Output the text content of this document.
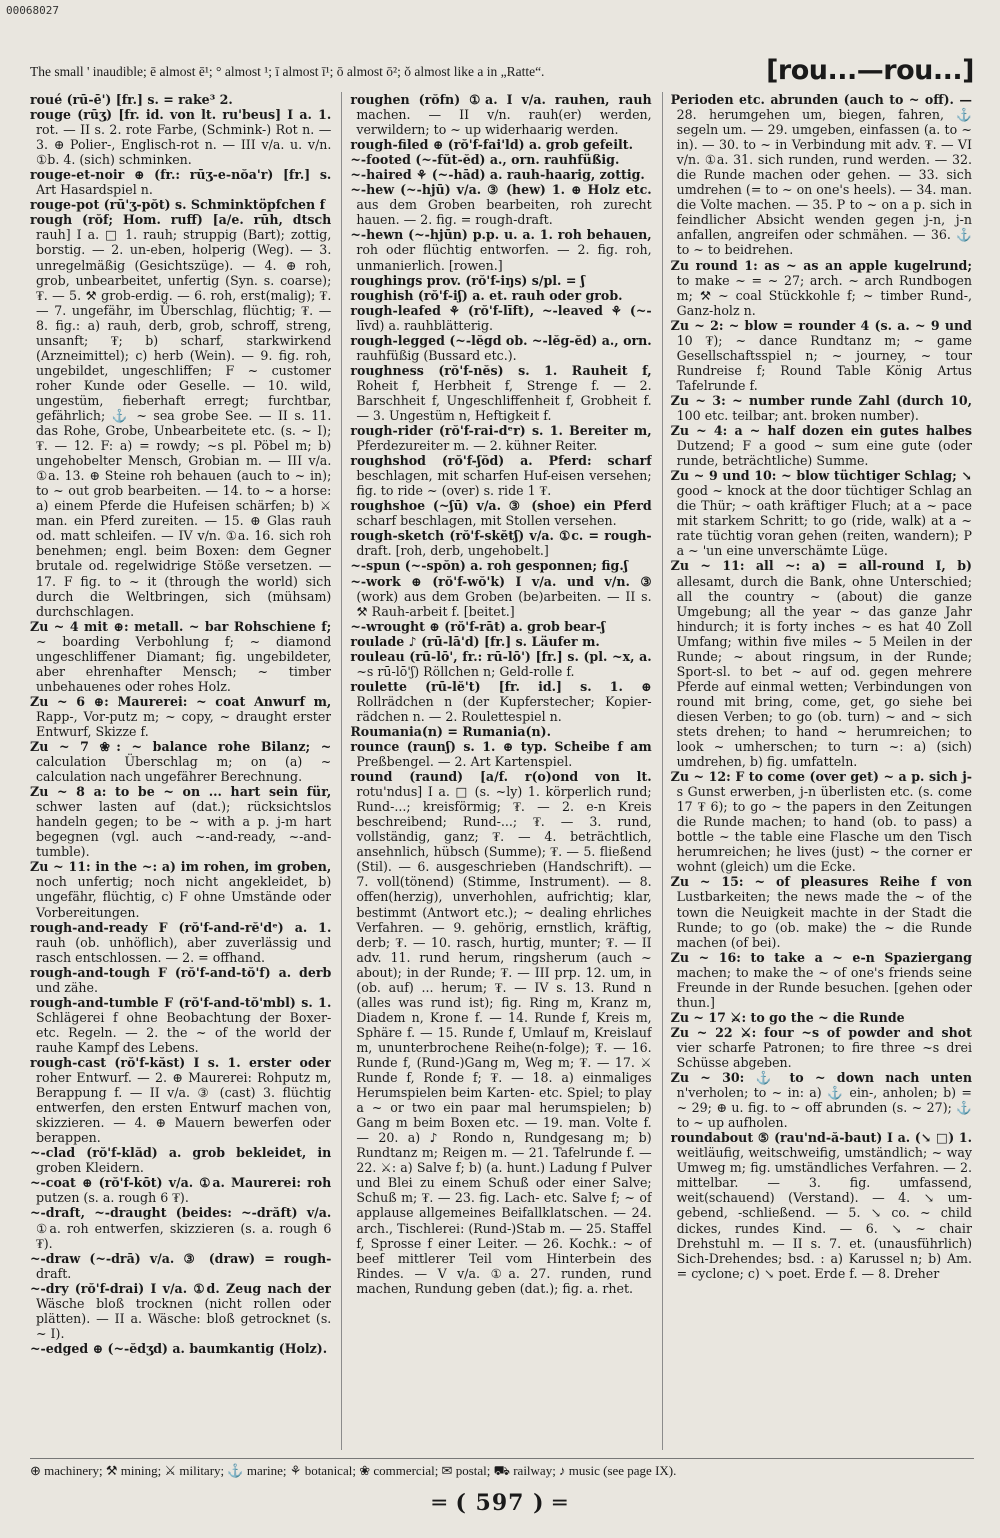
00068027
The small ' inaudible; ē almost ē¹; ° almost ¹; ī almost ī¹; ō almost ō²; ŏ almost like a in „Ratte“.	[rou...—rou...]

roué (rū-ē') [fr.] s. = rake³ 2.

rouge (rūʒ) [fr. id. von lt. ru'beus] I a. 1. rot. — II s. 2. rote Farbe, (Schmink-) Rot n. — 3. ⊕ Polier-, Englisch-rot n. — III v/a. u. v/n. ①b. 4. (sich) schminken.

rouge-et-noir ⊕ (fr.: rūʒ-e-nŏa'r) [fr.] s. Art Hasardspiel n.

rouge-pot (rū'ʒ-pŏt) s. Schminktöpfchen f

rough (rŏf; Hom. ruff) [a/e. rūh, dtsch rauh] I a. □ 1. rauh; struppig (Bart); zottig, borstig. — 2. un-eben, holperig (Weg). — 3. unregelmäßig (Gesichtszüge). — 4. ⊕ roh, grob, unbearbeitet, unfertig (Syn. s. coarse); ₮. — 5. ⚒ grob-erdig. — 6. roh, erst(malig); ₮. — 7. ungefähr, im Überschlag, flüchtig; ₮. — 8. fig.: a) rauh, derb, grob, schroff, streng, unsanft; ₮; b) scharf, starkwirkend (Arzneimittel); c) herb (Wein). — 9. fig. roh, ungebildet, ungeschliffen; F ~ customer roher Kunde oder Geselle. — 10. wild, ungestüm, fieberhaft erregt; furchtbar, gefährlich; ⚓ ~ sea grobe See. — II s. 11. das Rohe, Grobe, Unbearbeitete etc. (s. ~ I); ₮. — 12. F: a) = rowdy; ~s pl. Pöbel m; b) ungehobelter Mensch, Grobian m. — III v/a. ①a. 13. ⊕ Steine roh behauen (auch to ~ in); to ~ out grob bearbeiten. — 14. to ~ a horse: a) einem Pferde die Hufeisen schärfen; b) ⚔ man. ein Pferd zureiten. — 15. ⊕ Glas rauh od. matt schleifen. — IV v/n. ①a. 16. sich roh benehmen; engl. beim Boxen: dem Gegner brutale od. regelwidrige Stöße versetzen. — 17. F fig. to ~ it (through the world) sich durch die Weltbringen, sich (mühsam) durchschlagen.

Zu ~ 4 mit ⊕: metall. ~ bar Rohschiene f; ~ boarding Verbohlung f; ~ diamond ungeschliffener Diamant; fig. ungebildeter, aber ehrenhafter Mensch; ~ timber unbehauenes oder rohes Holz.

Zu ~ 6 ⊕: Maurerei: ~ coat Anwurf m, Rapp-, Vor-putz m; ~ copy, ~ draught erster Entwurf, Skizze f.

Zu ~ 7 ❀: ~ balance rohe Bilanz; ~ calculation Überschlag m; on (a) ~ calculation nach ungefährer Berechnung.

Zu ~ 8 a: to be ~ on ... hart sein für, schwer lasten auf (dat.); rücksichtslos handeln gegen; to be ~ with a p. j-m hart begegnen (vgl. auch ~-and-ready, ~-and-tumble).

Zu ~ 11: in the ~: a) im rohen, im groben, noch unfertig; noch nicht angekleidet, b) ungefähr, flüchtig, c) F ohne Umstände oder Vorbereitungen.

rough-and-ready F (rŏ'f-and-rĕ'dᵉ) a. 1. rauh (ob. unhöflich), aber zuverlässig und rasch entschlossen. — 2. = offhand.

rough-and-tough F (rŏ'f-and-tŏ'f) a. derb und zähe.

rough-and-tumble F (rŏ'f-and-tŏ'mbl) s. 1. Schlägerei f ohne Beobachtung der Boxer- etc. Regeln. — 2. the ~ of the world der rauhe Kampf des Lebens.

rough-cast (rŏ'f-kăst) I s. 1. erster oder roher Entwurf. — 2. ⊕ Maurerei: Rohputz m, Berappung f. — II v/a. ③ (cast) 3. flüchtig entwerfen, den ersten Entwurf machen von, skizzieren. — 4. ⊕ Mauern bewerfen oder berappen.

~-clad (rŏ'f-klăd) a. grob bekleidet, in groben Kleidern.

~-coat ⊕ (rŏ'f-kōt) v/a. ①a. Maurerei: roh putzen (s. a. rough 6 ₮).

~-draft, ~-draught (beides: ~-drăft) v/a. ①a. roh entwerfen, skizzieren (s. a. rough 6 ₮).

~-draw (~-drā) v/a. ③ (draw) = rough-draft.

~-dry (rŏ'f-drai) I v/a. ①d. Zeug nach der Wäsche bloß trocknen (nicht rollen oder plätten). — II a. Wäsche: bloß getrocknet (s. ~ I).

~-edged ⊕ (~-ĕdʒd) a. baumkantig (Holz).

roughen (rŏfn) ①a. I v/a. rauhen, rauh machen. — II v/n. rauh(er) werden, verwildern; to ~ up widerhaarig werden.

rough-filed ⊕ (rŏ'f-fai'ld) a. grob gefeilt.

~-footed (~-fŭt-ĕd) a., orn. rauhfüßig.

~-haired ⚘ (~-hād) a. rauh-haarig, zottig.

~-hew (~-hjū) v/a. ③ (hew) 1. ⊕ Holz etc. aus dem Groben bearbeiten, roh zurecht hauen. — 2. fig. = rough-draft.

~-hewn (~-hjūn) p.p. u. a. 1. roh behauen, roh oder flüchtig entworfen. — 2. fig. roh, unmanierlich. [rowen.]

roughings prov. (rŏ'f-iŋs) s/pl. = ʃ

roughish (rŏ'f-iʃ) a. et. rauh oder grob.

rough-leafed ⚘ (rŏ'f-līft), ~-leaved ⚘ (~-līvd) a. rauhblätterig.

rough-legged (~-lĕgd ob. ~-lĕg-ĕd) a., orn. rauhfüßig (Bussard etc.).

roughness (rŏ'f-nĕs) s. 1. Rauheit f, Roheit f, Herbheit f, Strenge f. — 2. Barschheit f, Ungeschliffenheit f, Grobheit f. — 3. Ungestüm n, Heftigkeit f.

rough-rider (rŏ'f-rai-dᵉr) s. 1. Bereiter m, Pferdezureiter m. — 2. kühner Reiter.

roughshod (rŏ'f-ʃŏd) a. Pferd: scharf beschlagen, mit scharfen Huf-eisen versehen; fig. to ride ~ (over) s. ride 1 ₮.

roughshoe (~ʃū) v/a. ③ (shoe) ein Pferd scharf beschlagen, mit Stollen versehen.

rough-sketch (rŏ'f-skĕtʃ) v/a. ①c. = rough-draft. [roh, derb, ungehobelt.]

~-spun (~-spŏn) a. roh gesponnen; fig.ʃ

~-work ⊕ (rŏ'f-wŏ'k) I v/a. und v/n. ③ (work) aus dem Groben (be)arbeiten. — II s. ⚒ Rauh-arbeit f. [beitet.]

~-wrought ⊕ (rŏ'f-rāt) a. grob bear-ʃ

roulade ♪ (rū-lā'd) [fr.] s. Läufer m.

rouleau (rū-lō', fr.: rū-lō') [fr.] s. (pl. ~x, a. ~s rū-lō'ʃ) Röllchen n; Geld-rolle f.

roulette (rū-lĕ't) [fr. id.] s. 1. ⊕ Rollrädchen n (der Kupferstecher; Kopier-rädchen n. — 2. Roulettespiel n.

Roumania(n) = Rumania(n).

rounce (raunʃ) s. 1. ⊕ typ. Scheibe f am Preßbengel. — 2. Art Kartenspiel.

round (raund) [a/f. r(o)ond von lt. rotu'ndus] I a. □ (s. ~ly) 1. körperlich rund; Rund-...; kreisförmig; ₮. — 2. e-n Kreis beschreibend; Rund-...; ₮. — 3. rund, vollständig, ganz; ₮. — 4. beträchtlich, ansehnlich, hübsch (Summe); ₮. — 5. fließend (Stil). — 6. ausgeschrieben (Handschrift). — 7. voll(tönend) (Stimme, Instrument). — 8. offen(herzig), unverhohlen, aufrichtig; klar, bestimmt (Antwort etc.); ~ dealing ehrliches Verfahren. — 9. gehörig, ernstlich, kräftig, derb; ₮. — 10. rasch, hurtig, munter; ₮. — II adv. 11. rund herum, ringsherum (auch ~ about); in der Runde; ₮. — III prp. 12. um, in (ob. auf) ... herum; ₮. — IV s. 13. Rund n (alles was rund ist); fig. Ring m, Kranz m, Diadem n, Krone f. — 14. Runde f, Kreis m, Sphäre f. — 15. Runde f, Umlauf m, Kreislauf m, ununterbrochene Reihe(n-folge); ₮. — 16. Runde f, (Rund-)Gang m, Weg m; ₮. — 17. ⚔ Runde f, Ronde f; ₮. — 18. a) einmaliges Herumspielen beim Karten- etc. Spiel; to play a ~ or two ein paar mal herumspielen; b) Gang m beim Boxen etc. — 19. man. Volte f. — 20. a) ♪ Rondo n, Rundgesang m; b) Rundtanz m; Reigen m. — 21. Tafelrunde f. — 22. ⚔: a) Salve f; b) (a. hunt.) Ladung f Pulver und Blei zu einem Schuß oder einer Salve; Schuß m; ₮. — 23. fig. Lach- etc. Salve f; ~ of applause allgemeines Beifallklatschen. — 24. arch., Tischlerei: (Rund-)Stab m. — 25. Staffel f, Sprosse f einer Leiter. — 26. Kochk.: ~ of beef mittlerer Teil vom Hinterbein des Rindes. — V v/a. ①a. 27. runden, rund machen, Rundung geben (dat.); fig. a. rhet.

Perioden etc. abrunden (auch to ~ off). — 28. herumgehen um, biegen, fahren, ⚓ segeln um. — 29. umgeben, einfassen (a. to ~ in). — 30. to ~ in Verbindung mit adv. ₮. — VI v/n. ①a. 31. sich runden, rund werden. — 32. die Runde machen oder gehen. — 33. sich umdrehen (= to ~ on one's heels). — 34. man. die Volte machen. — 35. P to ~ on a p. sich in feindlicher Absicht wenden gegen j-n, j-n anfallen, angreifen oder schmähen. — 36. ⚓ to ~ to beidrehen.

Zu round 1: as ~ as an apple kugelrund; to make ~ = ~ 27; arch. ~ arch Rundbogen m; ⚒ ~ coal Stückkohle f; ~ timber Rund-, Ganz-holz n.

Zu ~ 2: ~ blow = rounder 4 (s. a. ~ 9 und 10 ₮); ~ dance Rundtanz m; ~ game Gesellschaftsspiel n; ~ journey, ~ tour Rundreise f; Round Table König Artus Tafelrunde f.

Zu ~ 3: ~ number runde Zahl (durch 10, 100 etc. teilbar; ant. broken number).

Zu ~ 4: a ~ half dozen ein gutes halbes Dutzend; F a good ~ sum eine gute (oder runde, beträchtliche) Summe.

Zu ~ 9 und 10: ~ blow tüchtiger Schlag; ↘ good ~ knock at the door tüchtiger Schlag an die Thür; ~ oath kräftiger Fluch; at a ~ pace mit starkem Schritt; to go (ride, walk) at a ~ rate tüchtig voran gehen (reiten, wandern); P a ~ 'un eine unverschämte Lüge.

Zu ~ 11: all ~: a) = all-round I, b) allesamt, durch die Bank, ohne Unterschied; all the country ~ (about) die ganze Umgebung; all the year ~ das ganze Jahr hindurch; it is forty inches ~ es hat 40 Zoll Umfang; within five miles ~ 5 Meilen in der Runde; ~ about ringsum, in der Runde; Sport-sl. to bet ~ auf od. gegen mehrere Pferde auf einmal wetten; Verbindungen von round mit bring, come, get, go siehe bei diesen Verben; to go (ob. turn) ~ and ~ sich stets drehen; to hand ~ herumreichen; to look ~ umherschen; to turn ~: a) (sich) umdrehen, b) fig. umfatteln.

Zu ~ 12: F to come (over get) ~ a p. sich j-s Gunst erwerben, j-n überlisten etc. (s. come 17 ₮ 6); to go ~ the papers in den Zeitungen die Runde machen; to hand (ob. to pass) a bottle ~ the table eine Flasche um den Tisch herumreichen; he lives (just) ~ the corner er wohnt (gleich) um die Ecke.

Zu ~ 15: ~ of pleasures Reihe f von Lustbarkeiten; the news made the ~ of the town die Neuigkeit machte in der Stadt die Runde; to go (ob. make) the ~ die Runde machen (of bei).

Zu ~ 16: to take a ~ e-n Spaziergang machen; to make the ~ of one's friends seine Freunde in der Runde besuchen. [gehen oder thun.]

Zu ~ 17 ⚔: to go the ~ die Runde

Zu ~ 22 ⚔: four ~s of powder and shot vier scharfe Patronen; to fire three ~s drei Schüsse abgeben.

Zu ~ 30: ⚓ to ~ down nach unten n'verholen; to ~ in: a) ⚓ ein-, anholen; b) = ~ 29; ⊕ u. fig. to ~ off abrunden (s. ~ 27); ⚓ to ~ up aufholen.

roundabout ⑤ (rau'nd-ă-baut) I a. (↘ □) 1. weitläufig, weitschweifig, umständlich; ~ way Umweg m; fig. umständliches Verfahren. — 2. mittelbar. — 3. fig. umfassend, weit(schauend) (Verstand). — 4. ↘ um-gebend, -schließend. — 5. ↘ co. ~ child dickes, rundes Kind. — 6. ↘ ~ chair Drehstuhl m. — II s. 7. et. (unausführlich) Sich-Drehendes; bsd. : a) Karussel n; b) Am. = cyclone; c) ↘ poet. Erde f. — 8. Dreher

⊕ machinery; ⚒ mining; ⚔ military; ⚓ marine; ⚘ botanical; ❀ commercial; ✉ postal; ⛟ railway; ♪ music (see page IX).
═ ( 597 ) ═
